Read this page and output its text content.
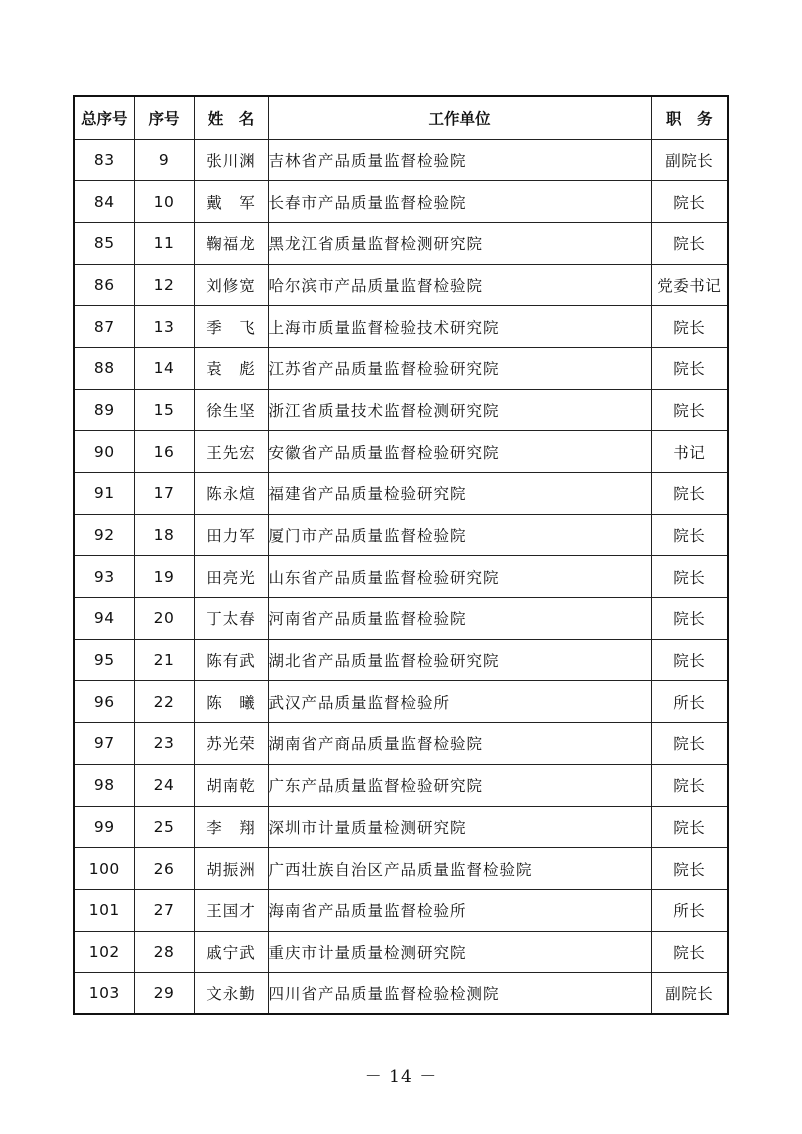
总序号	序号	姓　名	工作单位	职　务
83	9	张川渊	吉林省产品质量监督检验院	副院长
84	10	戴　军	长春市产品质量监督检验院	院长
85	11	鞠福龙	黑龙江省质量监督检测研究院	院长
86	12	刘修宽	哈尔滨市产品质量监督检验院	党委书记
87	13	季　飞	上海市质量监督检验技术研究院	院长
88	14	袁　彪	江苏省产品质量监督检验研究院	院长
89	15	徐生坚	浙江省质量技术监督检测研究院	院长
90	16	王先宏	安徽省产品质量监督检验研究院	书记
91	17	陈永煊	福建省产品质量检验研究院	院长
92	18	田力军	厦门市产品质量监督检验院	院长
93	19	田亮光	山东省产品质量监督检验研究院	院长
94	20	丁太春	河南省产品质量监督检验院	院长
95	21	陈有武	湖北省产品质量监督检验研究院	院长
96	22	陈　曦	武汉产品质量监督检验所	所长
97	23	苏光荣	湖南省产商品质量监督检验院	院长
98	24	胡南乾	广东产品质量监督检验研究院	院长
99	25	李　翔	深圳市计量质量检测研究院	院长
100	26	胡振洲	广西壮族自治区产品质量监督检验院	院长
101	27	王国才	海南省产品质量监督检验所	所长
102	28	戚宁武	重庆市计量质量检测研究院	院长
103	29	文永勤	四川省产品质量监督检验检测院	副院长
－ 14 －
